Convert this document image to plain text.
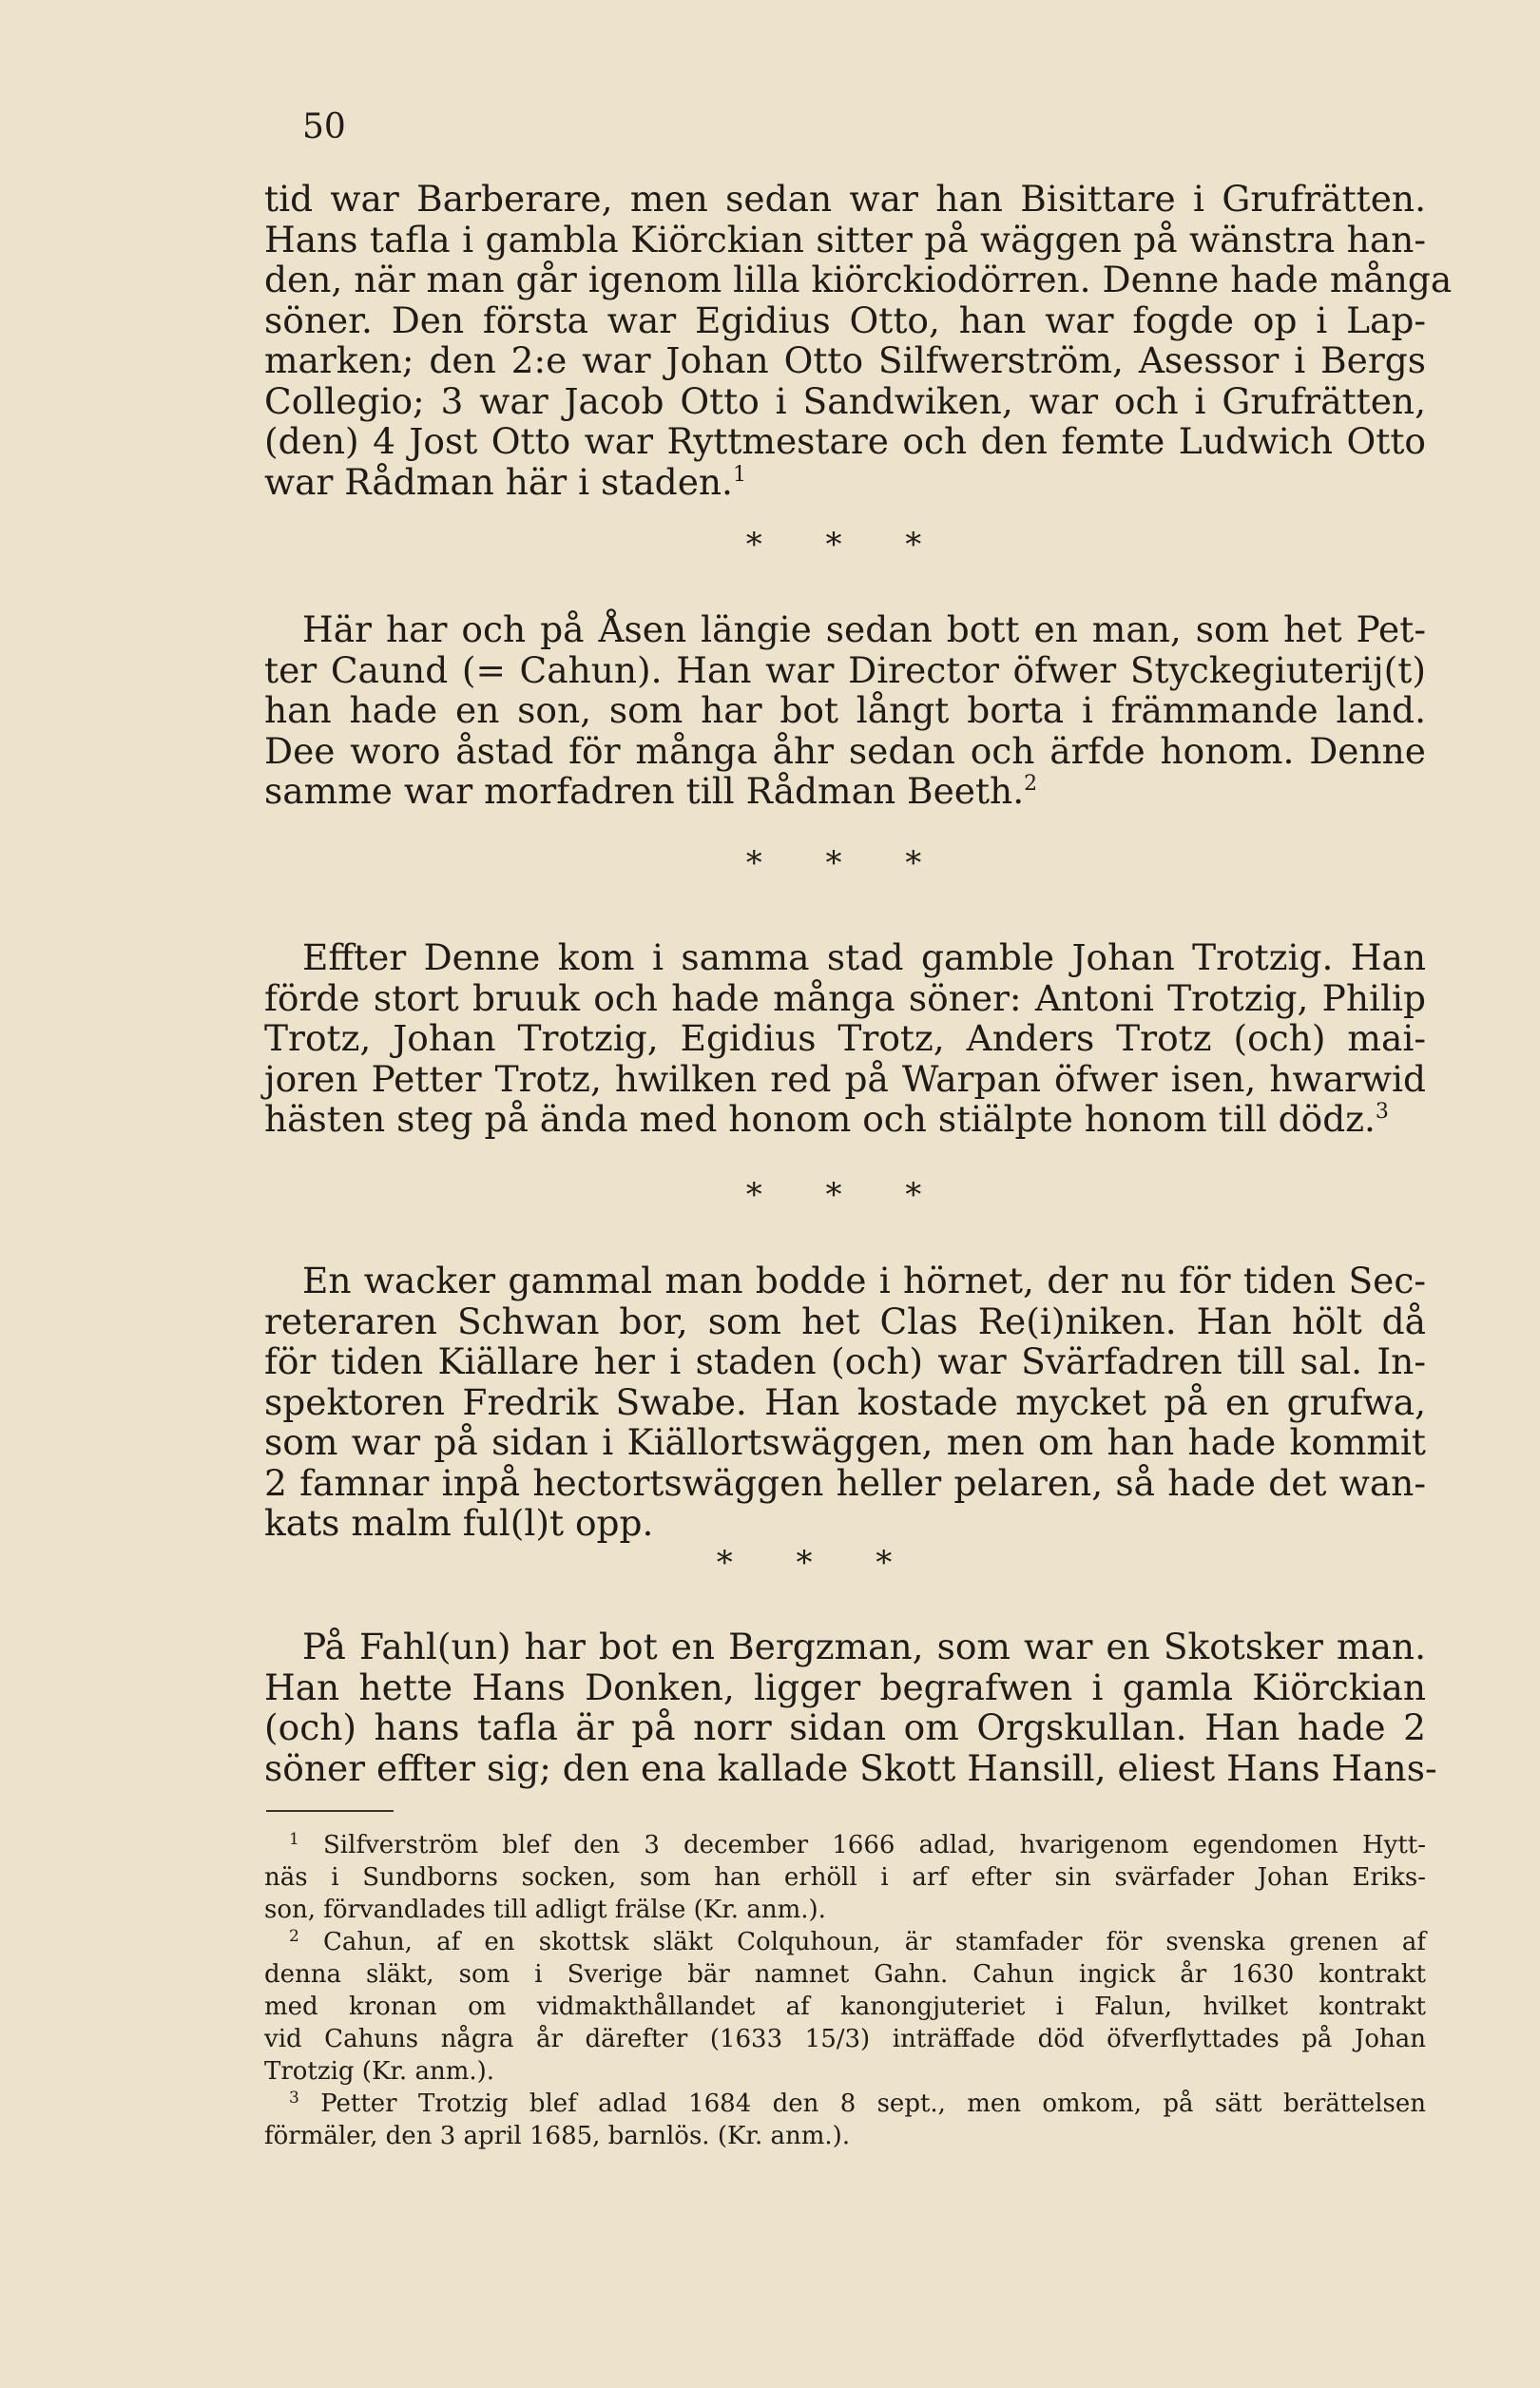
50
tid war Barberare, men sedan war han Bisittare i Grufrätten.
Hans tafla i gambla Kiörckian sitter på wäggen på wänstra han-
den, när man går igenom lilla kiörckiodörren. Denne hade många
söner. Den första war Egidius Otto, han war fogde op i Lap-
marken; den 2:e war Johan Otto Silfwerström, Asessor i Bergs
Collegio; 3 war Jacob Otto i Sandwiken, war och i Grufrätten,
(den) 4 Jost Otto war Ryttmestare och den femte Ludwich Otto
war Rådman här i staden.$^1$
* * *
Här har och på Åsen längie sedan bott en man, som het Pet-
ter Caund (= Cahun). Han war Director öfwer Styckegiuterij(t)
han hade en son, som har bot långt borta i främmande land.
Dee woro åstad för många åhr sedan och ärfde honom. Denne
samme war morfadren till Rådman Beeth.$^2$
* * *
Effter Denne kom i samma stad gamble Johan Trotzig. Han
förde stort bruuk och hade många söner: Antoni Trotzig, Philip
Trotz, Johan Trotzig, Egidius Trotz, Anders Trotz (och) mai-
joren Petter Trotz, hwilken red på Warpan öfwer isen, hwarwid
hästen steg på ända med honom och stiälpte honom till dödz.$^3$
* * *
En wacker gammal man bodde i hörnet, der nu för tiden Sec-
reteraren Schwan bor, som het Clas Re(i)niken. Han hölt då
för tiden Kiällare her i staden (och) war Svärfadren till sal. In-
spektoren Fredrik Swabe. Han kostade mycket på en grufwa,
som war på sidan i Kiällortswäggen, men om han hade kommit
2 famnar inpå hectortswäggen heller pelaren, så hade det wan-
kats malm ful(l)t opp.
* * *
På Fahl(un) har bot en Bergzman, som war en Skotsker man.
Han hette Hans Donken, ligger begrafwen i gamla Kiörckian
(och) hans tafla är på norr sidan om Orgskullan. Han hade 2
söner effter sig; den ena kallade Skott Hansill, eliest Hans Hans-
$^1$ Silfverström blef den 3 december 1666 adlad, hvarigenom egendomen Hytt-
näs i Sundborns socken, som han erhöll i arf efter sin svärfader Johan Eriks-
son, förvandlades till adligt frälse (Kr. anm.).
$^2$ Cahun, af en skottsk släkt Colquhoun, är stamfader för svenska grenen af
denna släkt, som i Sverige bär namnet Gahn. Cahun ingick år 1630 kontrakt
med kronan om vidmakthållandet af kanongjuteriet i Falun, hvilket kontrakt
vid Cahuns några år därefter (1633 15/3) inträffade död öfverflyttades på Johan
Trotzig (Kr. anm.).
$^3$ Petter Trotzig blef adlad 1684 den 8 sept., men omkom, på sätt berättelsen
förmäler, den 3 april 1685, barnlös. (Kr. anm.).
